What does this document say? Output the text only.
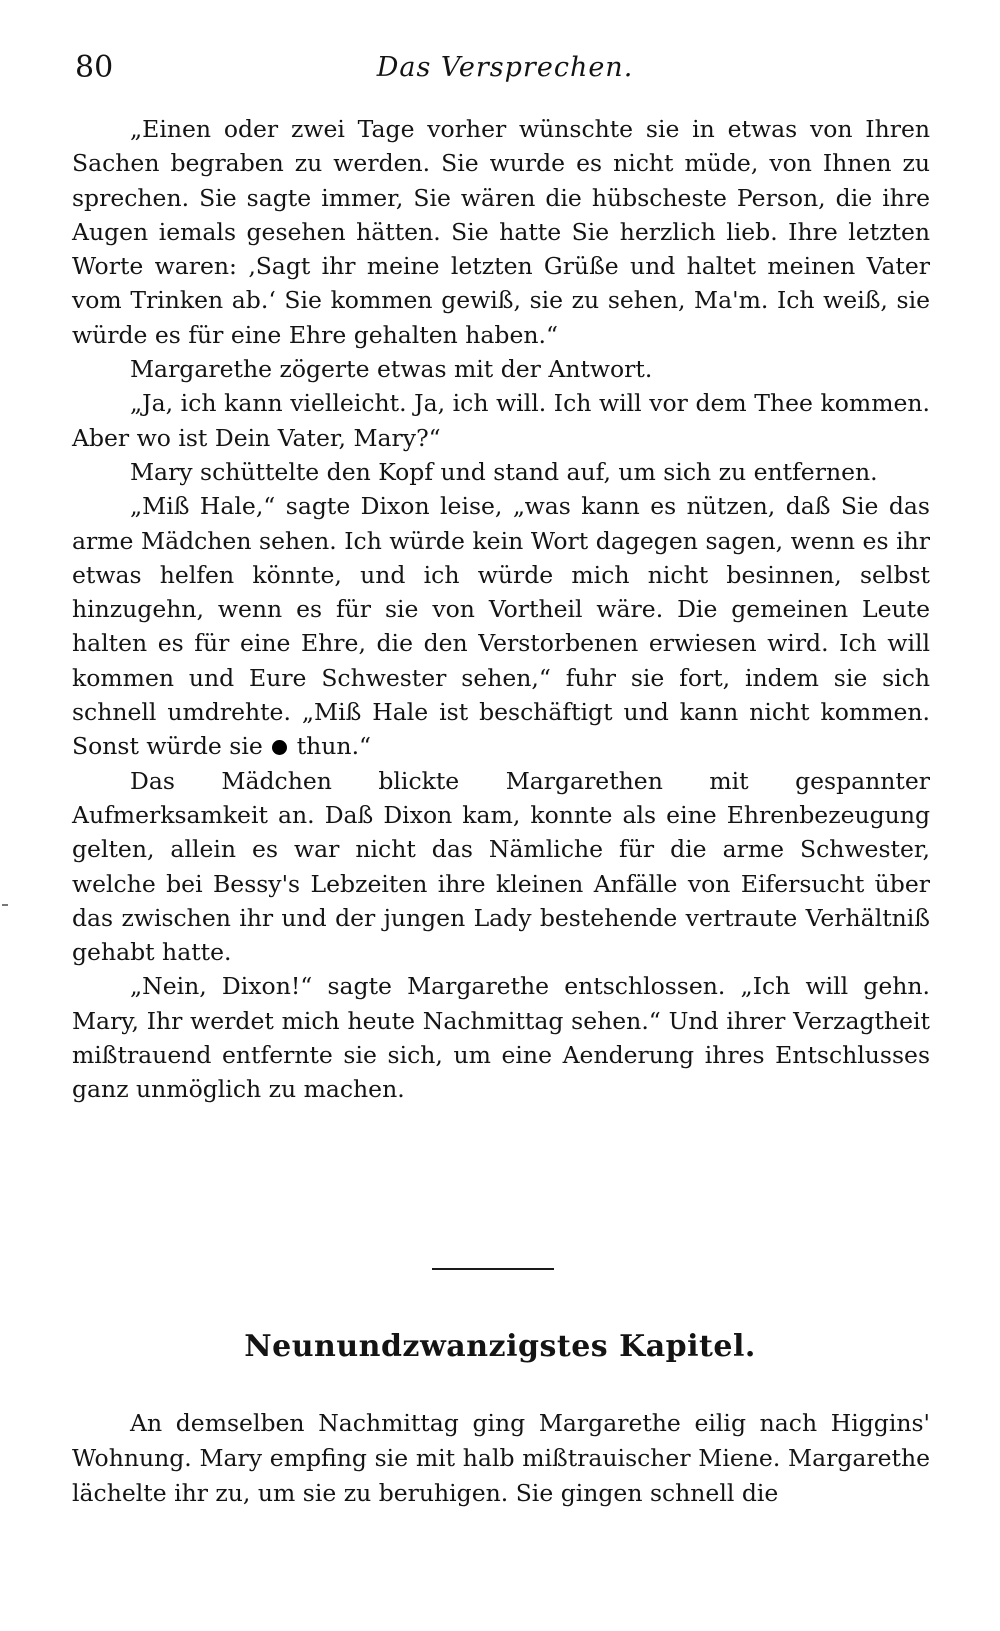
80	Das Versprechen.

„Einen oder zwei Tage vorher wünschte sie in etwas von Ihren Sachen begraben zu werden. Sie wurde es nicht müde, von Ihnen zu sprechen. Sie sagte immer, Sie wären die hübscheste Person, die ihre Augen iemals gesehen hätten. Sie hatte Sie herzlich lieb. Ihre letzten Worte waren: ‚Sagt ihr meine letzten Grüße und haltet meinen Vater vom Trinken ab.‘ Sie kommen gewiß, sie zu sehen, Ma'm. Ich weiß, sie würde es für eine Ehre gehalten haben.“

Margarethe zögerte etwas mit der Antwort.

„Ja, ich kann vielleicht. Ja, ich will. Ich will vor dem Thee kommen. Aber wo ist Dein Vater, Mary?“

Mary schüttelte den Kopf und stand auf, um sich zu entfernen.

„Miß Hale,“ sagte Dixon leise, „was kann es nützen, daß Sie das arme Mädchen sehen. Ich würde kein Wort dagegen sagen, wenn es ihr etwas helfen könnte, und ich würde mich nicht besinnen, selbst hinzugehn, wenn es für sie von Vortheil wäre. Die gemeinen Leute halten es für eine Ehre, die den Verstorbenen erwiesen wird. Ich will kommen und Eure Schwester sehen,“ fuhr sie fort, indem sie sich schnell umdrehte. „Miß Hale ist beschäftigt und kann nicht kommen. Sonst würde sie thun.“

Das Mädchen blickte Margarethen mit gespannter Aufmerksamkeit an. Daß Dixon kam, konnte als eine Ehrenbezeugung gelten, allein es war nicht das Nämliche für die arme Schwester, welche bei Bessy's Lebzeiten ihre kleinen Anfälle von Eifersucht über das zwischen ihr und der jungen Lady bestehende vertraute Verhältniß gehabt hatte.

„Nein, Dixon!“ sagte Margarethe entschlossen. „Ich will gehn. Mary, Ihr werdet mich heute Nachmittag sehen.“ Und ihrer Verzagtheit mißtrauend entfernte sie sich, um eine Aenderung ihres Entschlusses ganz unmöglich zu machen.

Neunundzwanzigstes Kapitel.

An demselben Nachmittag ging Margarethe eilig nach Higgins' Wohnung. Mary empfing sie mit halb mißtrauischer Miene. Margarethe lächelte ihr zu, um sie zu beruhigen. Sie gingen schnell die
